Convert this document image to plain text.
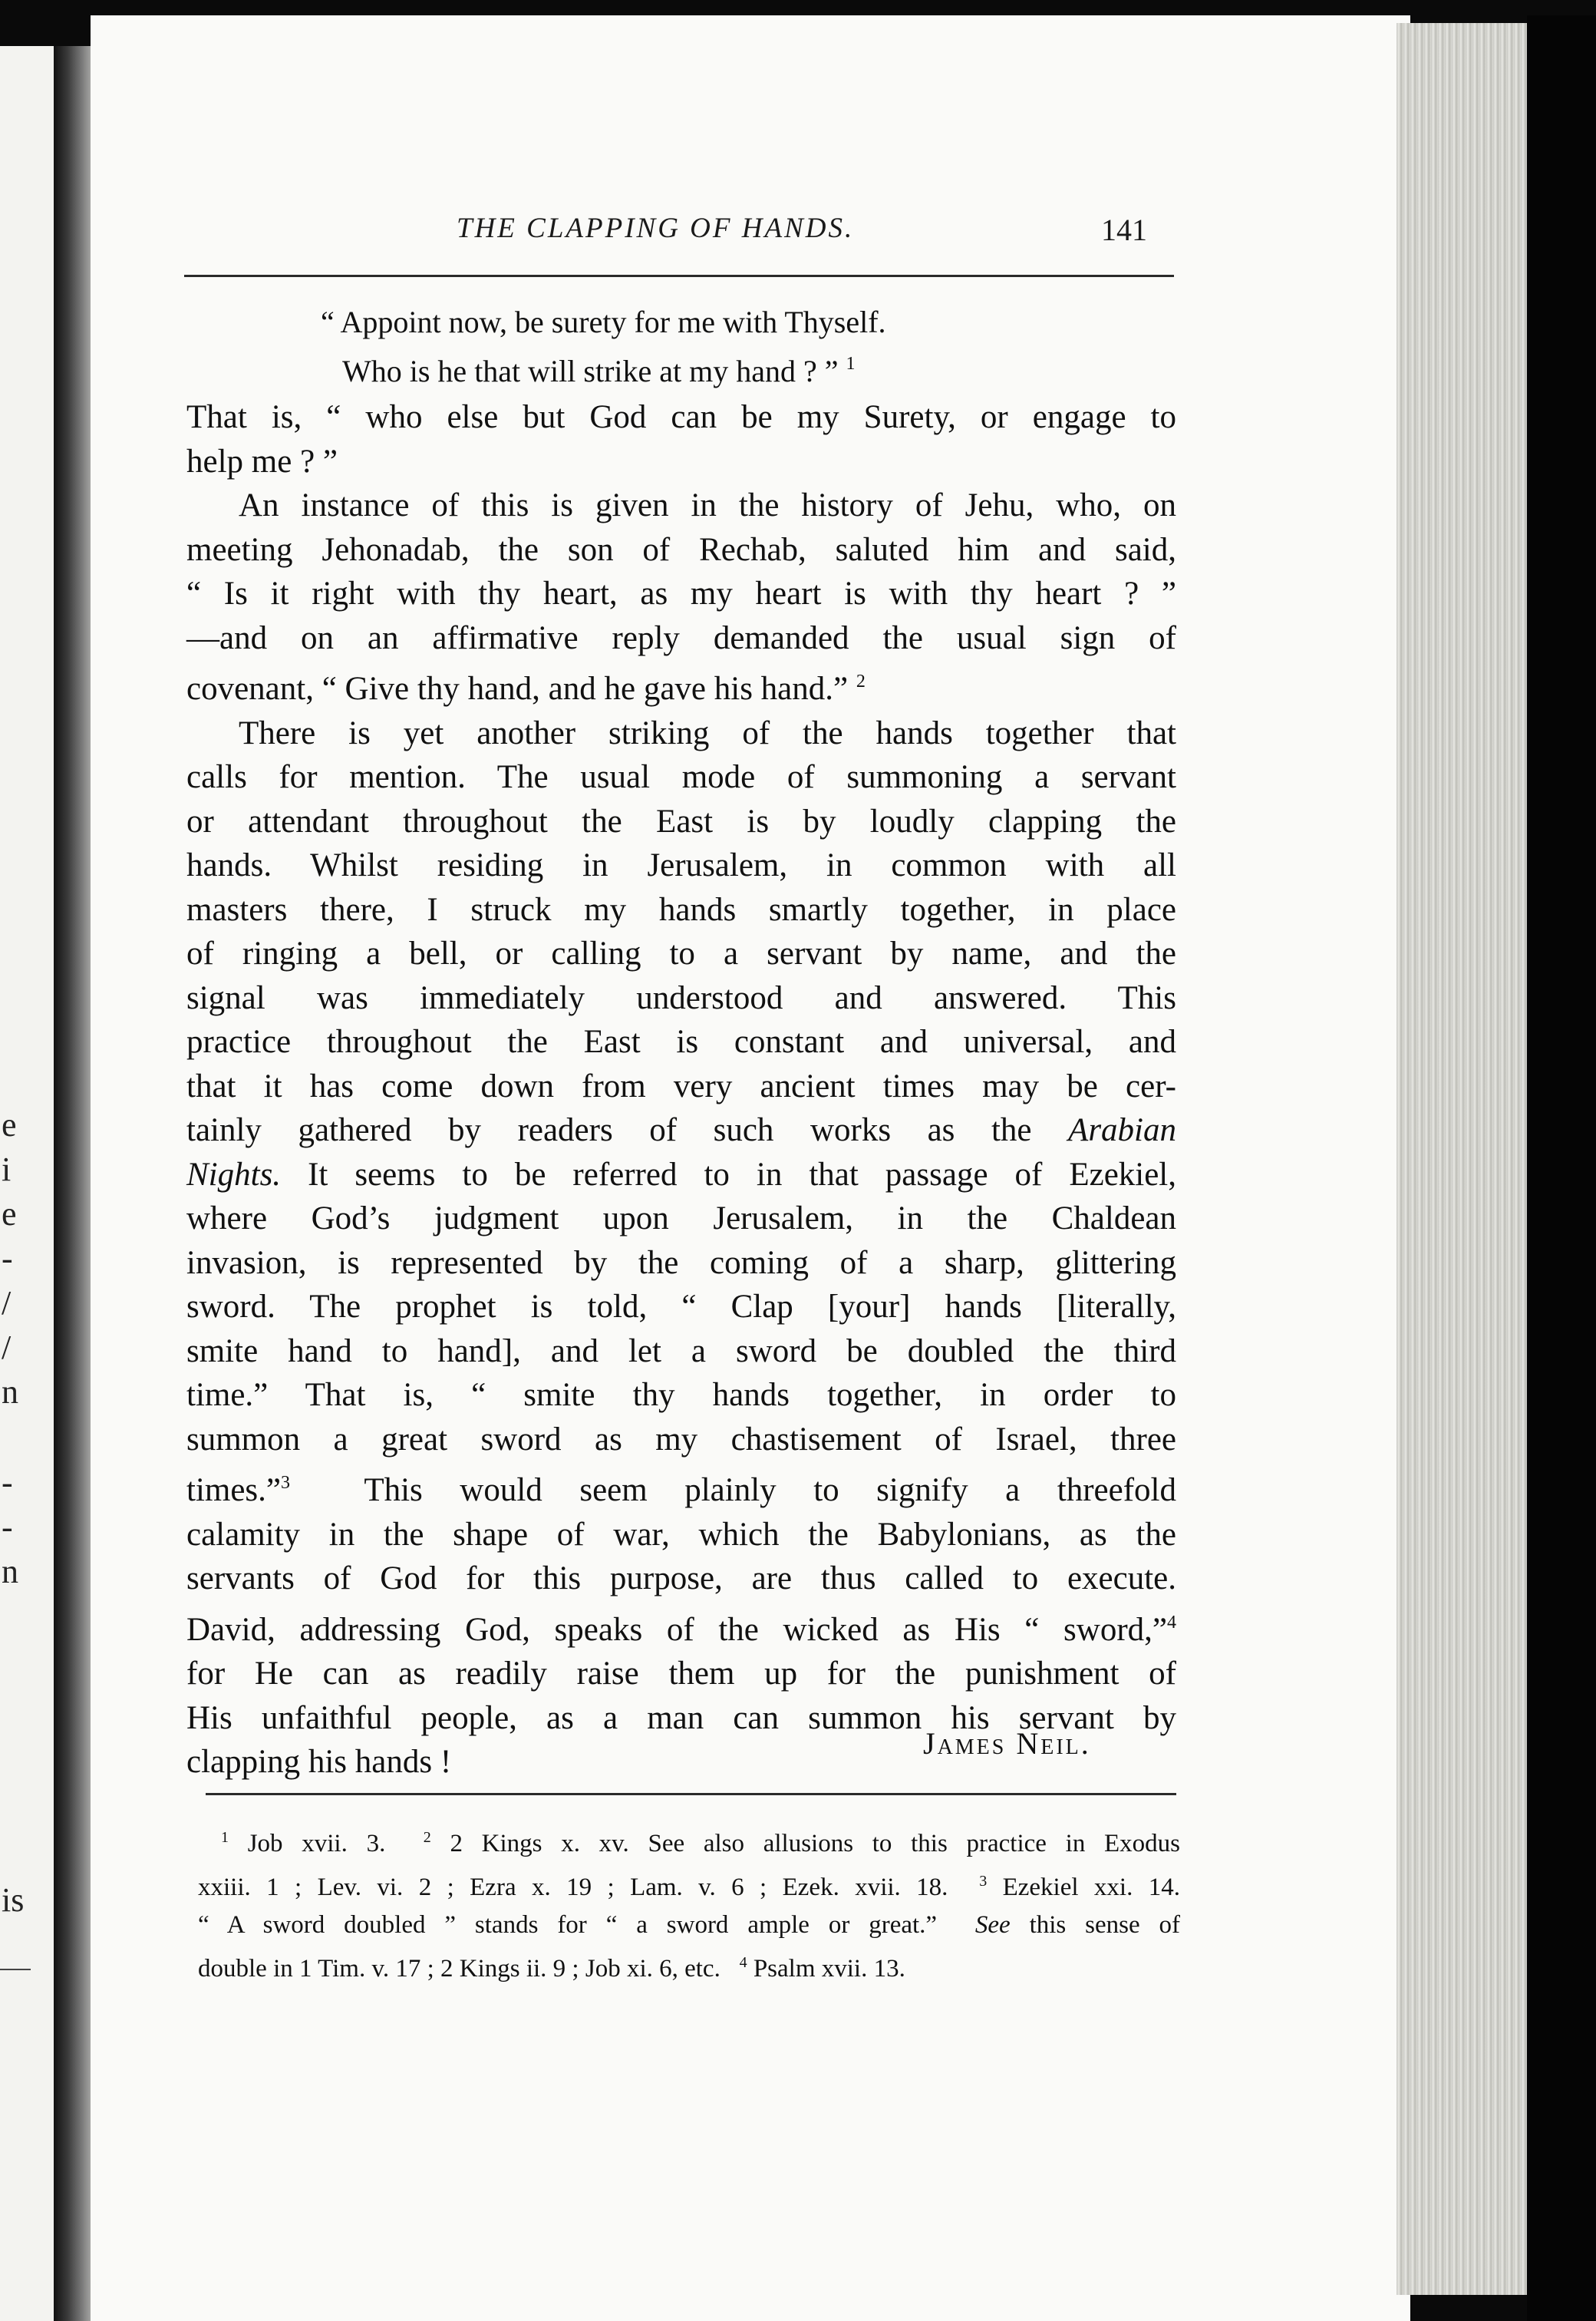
e
i
e
-
/
/
n
-
-
n
is
THE CLAPPING OF HANDS.	141
“ Appoint now, be surety for me with Thyself.
Who is he that will strike at my hand ? ” $^1$
That is, “ who else but God can be my Surety, or engage to
help me ? ”
An instance of this is given in the history of Jehu, who, on
meeting Jehonadab, the son of Rechab, saluted him and said,
“ Is it right with thy heart, as my heart is with thy heart ? ”
—and on an affirmative reply demanded the usual sign of
covenant, “ Give thy hand, and he gave his hand.” $^2$
There is yet another striking of the hands together that
calls for mention. The usual mode of summoning a servant
or attendant throughout the East is by loudly clapping the
hands. Whilst residing in Jerusalem, in common with all
masters there, I struck my hands smartly together, in place
of ringing a bell, or calling to a servant by name, and the
signal was immediately understood and answered. This
practice throughout the East is constant and universal, and
that it has come down from very ancient times may be cer-
tainly gathered by readers of such works as the Arabian
Nights. It seems to be referred to in that passage of Ezekiel,
where God’s judgment upon Jerusalem, in the Chaldean
invasion, is represented by the coming of a sharp, glittering
sword. The prophet is told, “ Clap [your] hands [literally,
smite hand to hand], and let a sword be doubled the third
time.” That is, “ smite thy hands together, in order to
summon a great sword as my chastisement of Israel, three
times.”$^3$ This would seem plainly to signify a threefold
calamity in the shape of war, which the Babylonians, as the
servants of God for this purpose, are thus called to execute.
David, addressing God, speaks of the wicked as His “ sword,”$^4$
for He can as readily raise them up for the punishment of
His unfaithful people, as a man can summon his servant by
clapping his hands !
James Neil.
$^1$ Job xvii. 3. $^2$ 2 Kings x. xv. See also allusions to this practice in Exodus
xxiii. 1 ; Lev. vi. 2 ; Ezra x. 19 ; Lam. v. 6 ; Ezek. xvii. 18. $^3$ Ezekiel xxi. 14.
“ A sword doubled ” stands for “ a sword ample or great.” See this sense of
double in 1 Tim. v. 17 ; 2 Kings ii. 9 ; Job xi. 6, etc. $^4$ Psalm xvii. 13.
